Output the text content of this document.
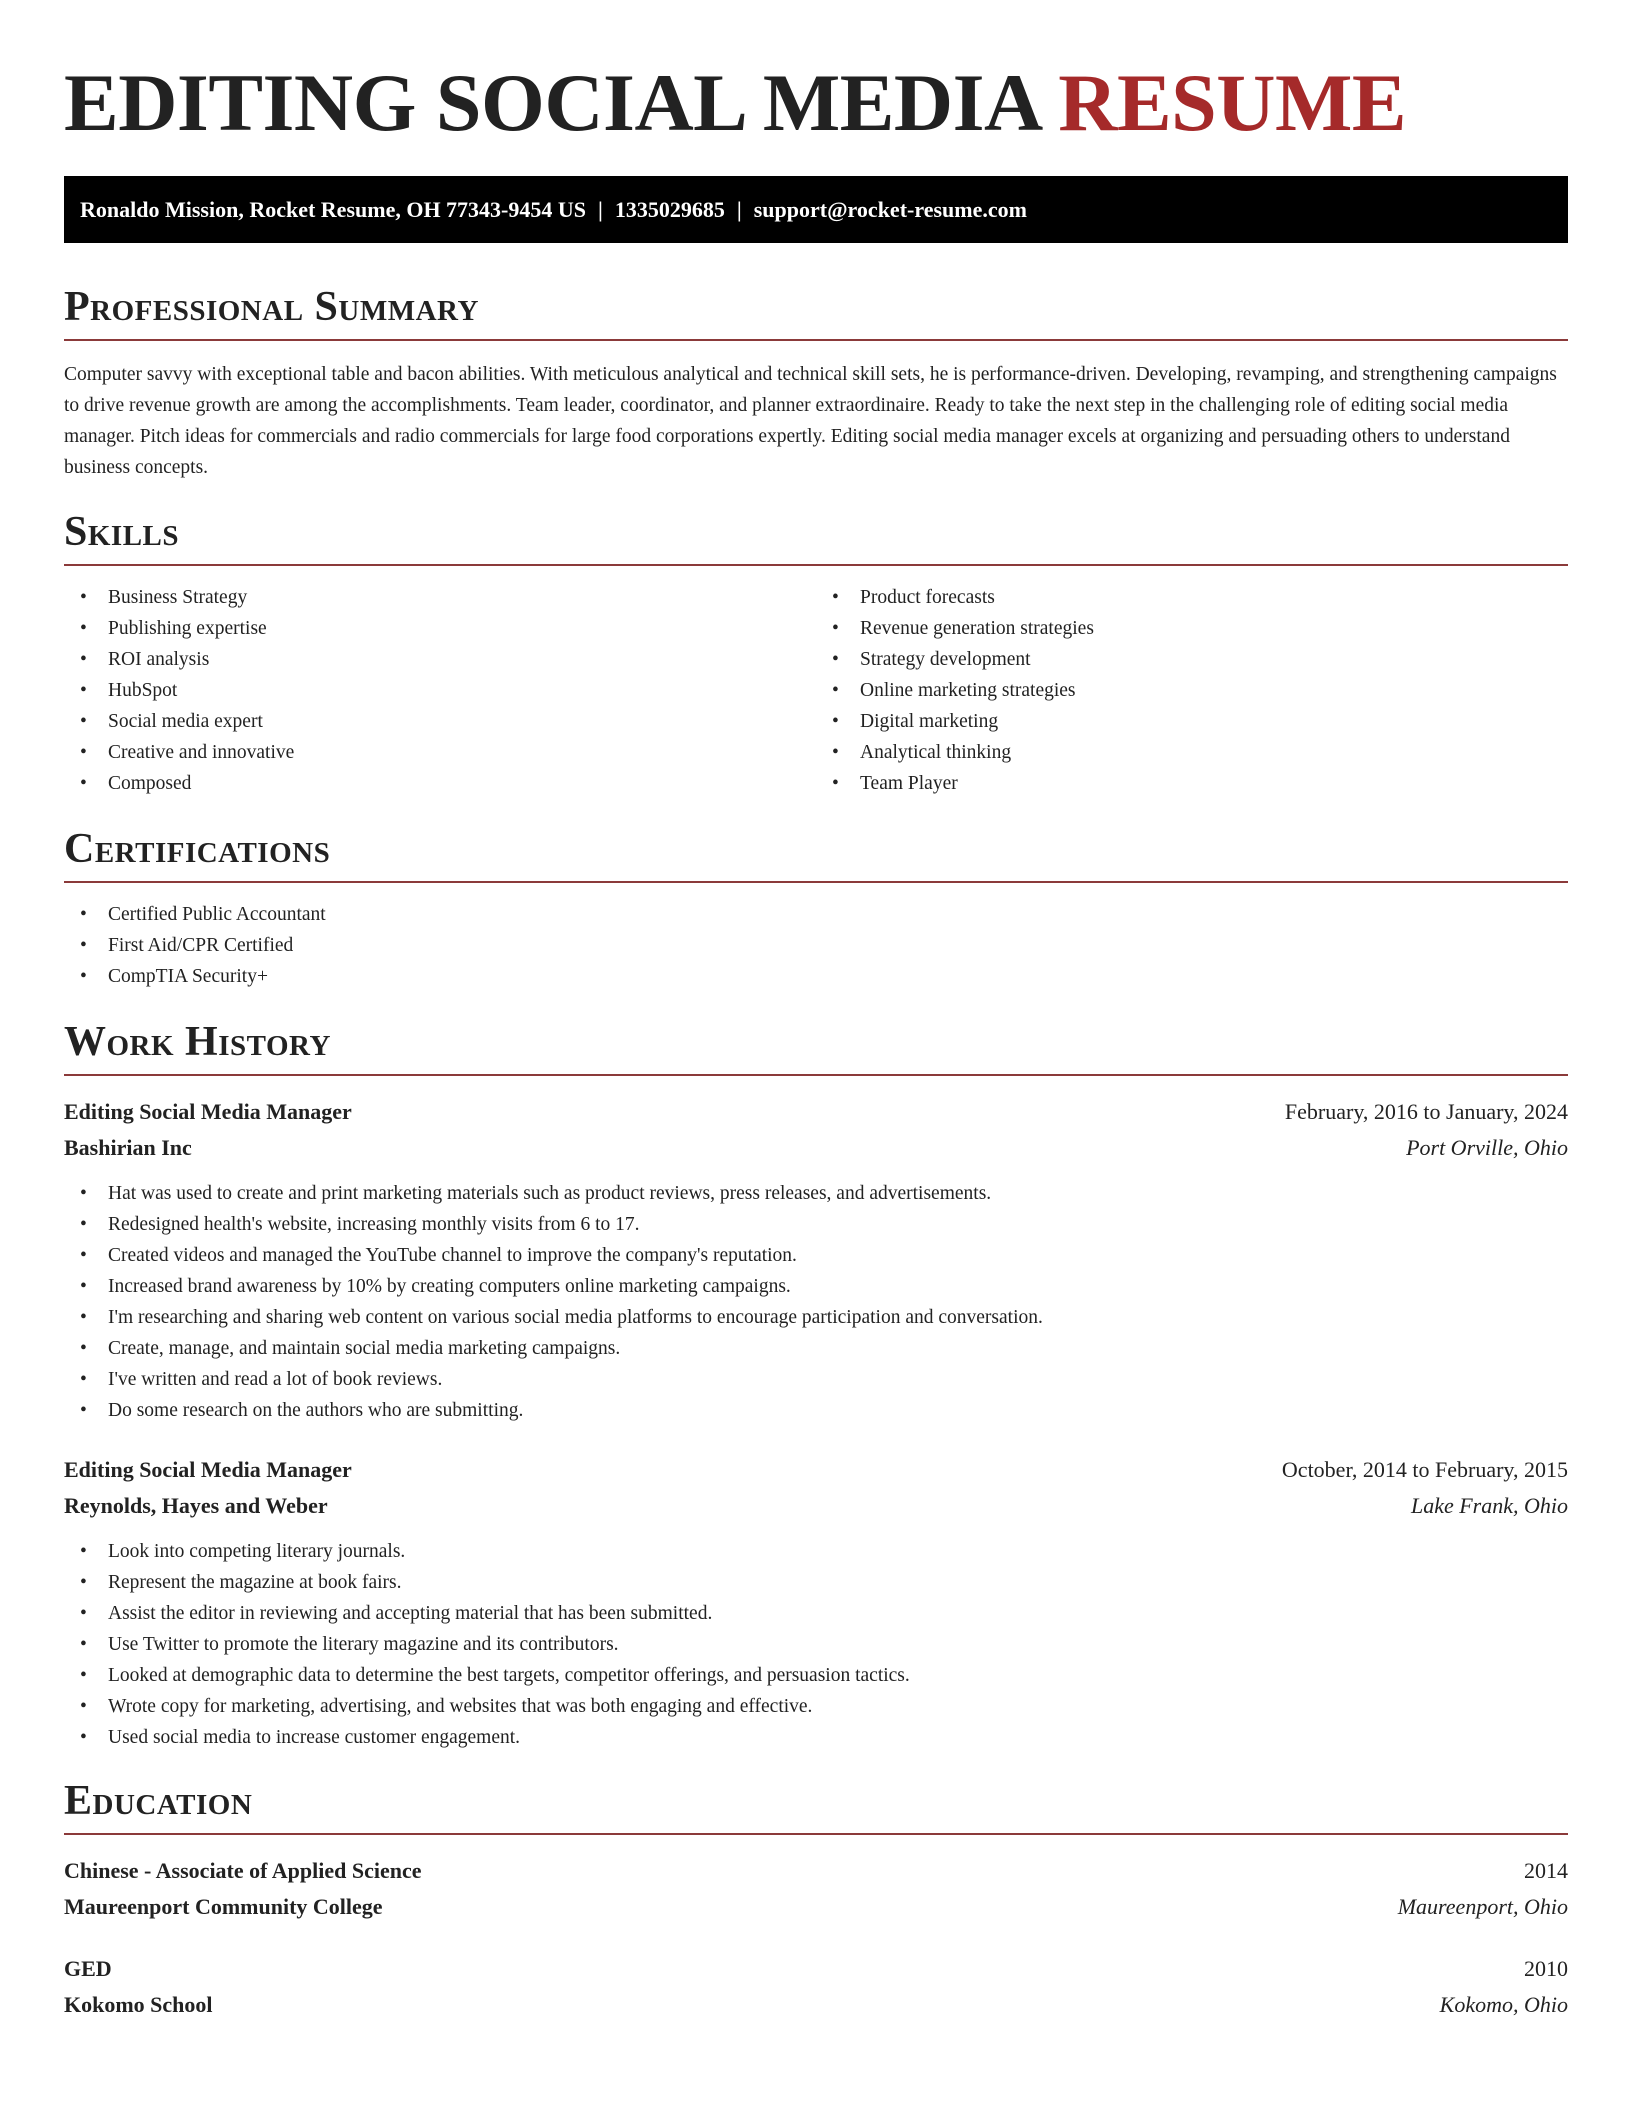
EDITING SOCIAL MEDIA RESUME
Ronaldo Mission, Rocket Resume, OH 77343-9454 US | 1335029685 | support@rocket-resume.com
Professional Summary

Computer savvy with exceptional table and bacon abilities. With meticulous analytical and technical skill sets, he is performance-driven. Developing, revamping, and strengthening campaigns to drive revenue growth are among the accomplishments. Team leader, coordinator, and planner extraordinaire. Ready to take the next step in the challenging role of editing social media manager. Pitch ideas for commercials and radio commercials for large food corporations expertly. Editing social media manager excels at organizing and persuading others to understand business concepts.

Skills
• Business Strategy
• Publishing expertise
• ROI analysis
• HubSpot
• Social media expert
• Creative and innovative
• Composed
• Product forecasts
• Revenue generation strategies
• Strategy development
• Online marketing strategies
• Digital marketing
• Analytical thinking
• Team Player
Certifications
• Certified Public Accountant
• First Aid/CPR Certified
• CompTIA Security+
Work History
Editing Social Media Manager	February, 2016 to January, 2024
Bashirian Inc	Port Orville, Ohio
• Hat was used to create and print marketing materials such as product reviews, press releases, and advertisements.
• Redesigned health's website, increasing monthly visits from 6 to 17.
• Created videos and managed the YouTube channel to improve the company's reputation.
• Increased brand awareness by 10% by creating computers online marketing campaigns.
• I'm researching and sharing web content on various social media platforms to encourage participation and conversation.
• Create, manage, and maintain social media marketing campaigns.
• I've written and read a lot of book reviews.
• Do some research on the authors who are submitting.
Editing Social Media Manager	October, 2014 to February, 2015
Reynolds, Hayes and Weber	Lake Frank, Ohio
• Look into competing literary journals.
• Represent the magazine at book fairs.
• Assist the editor in reviewing and accepting material that has been submitted.
• Use Twitter to promote the literary magazine and its contributors.
• Looked at demographic data to determine the best targets, competitor offerings, and persuasion tactics.
• Wrote copy for marketing, advertising, and websites that was both engaging and effective.
• Used social media to increase customer engagement.
Education
Chinese - Associate of Applied Science	2014
Maureenport Community College	Maureenport, Ohio
GED	2010
Kokomo School	Kokomo, Ohio
